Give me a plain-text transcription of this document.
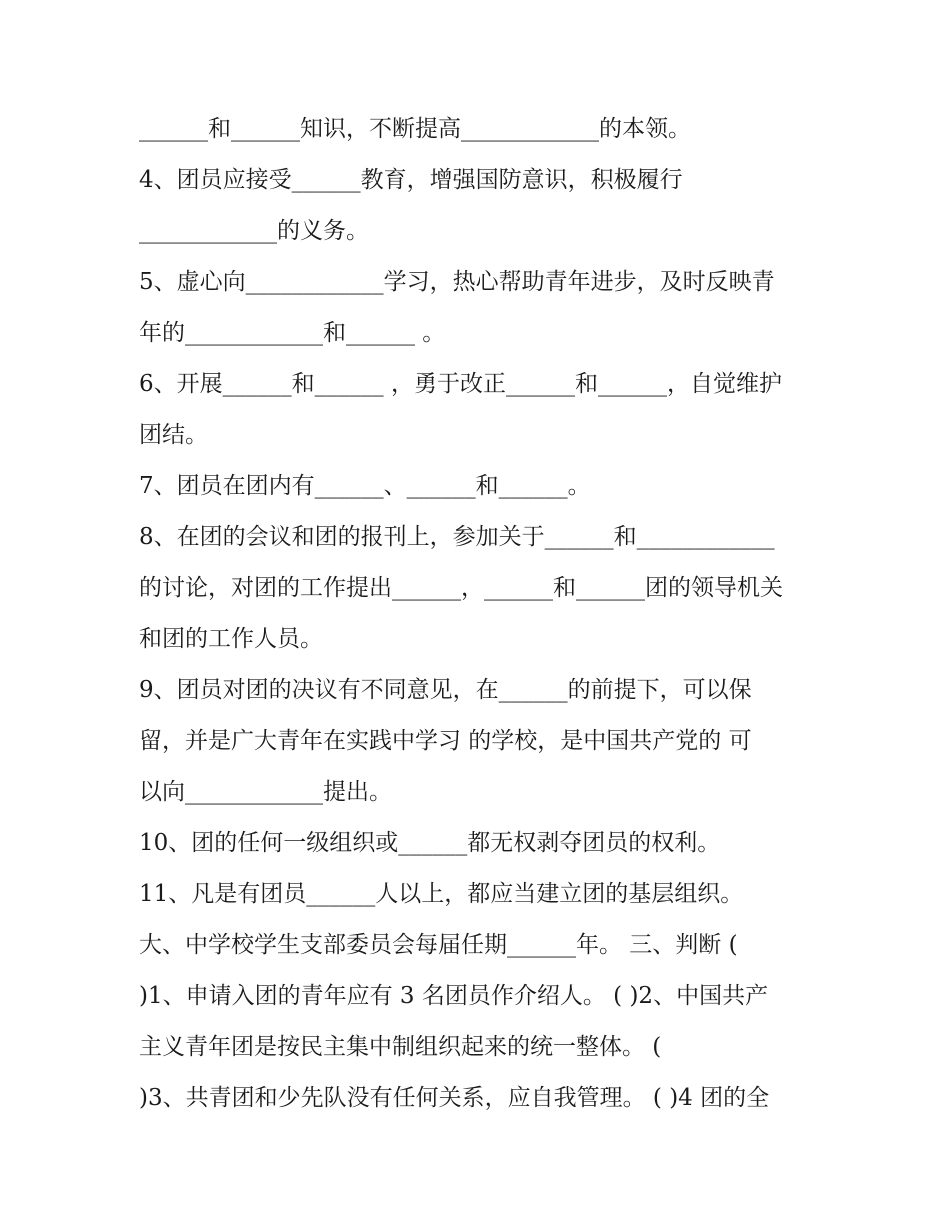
______和______知识，不断提高____________的本领。
4、团员应接受______教育，增强国防意识，积极履行
____________的义务。
5、虚心向____________学习，热心帮助青年进步，及时反映青
年的____________和______ 。
6、开展______和______ ，勇于改正______和______，自觉维护
团结。
7、团员在团内有______、______和______。
8、在团的会议和团的报刊上，参加关于______和____________
的讨论，对团的工作提出______，______和______团的领导机关
和团的工作人员。
9、团员对团的决议有不同意见，在______的前提下，可以保
留，并是广大青年在实践中学习 的学校，是中国共产党的 可
以向____________提出。
10、团的任何一级组织或______都无权剥夺团员的权利。
11、凡是有团员______人以上，都应当建立团的基层组织。
大、中学校学生支部委员会每届任期______年。 三、判断 (
)1、申请入团的青年应有 3 名团员作介绍人。 ( )2、中国共产
主义青年团是按民主集中制组织起来的统一整体。 (
)3、共青团和少先队没有任何关系，应自我管理。 ( )4 团的全
